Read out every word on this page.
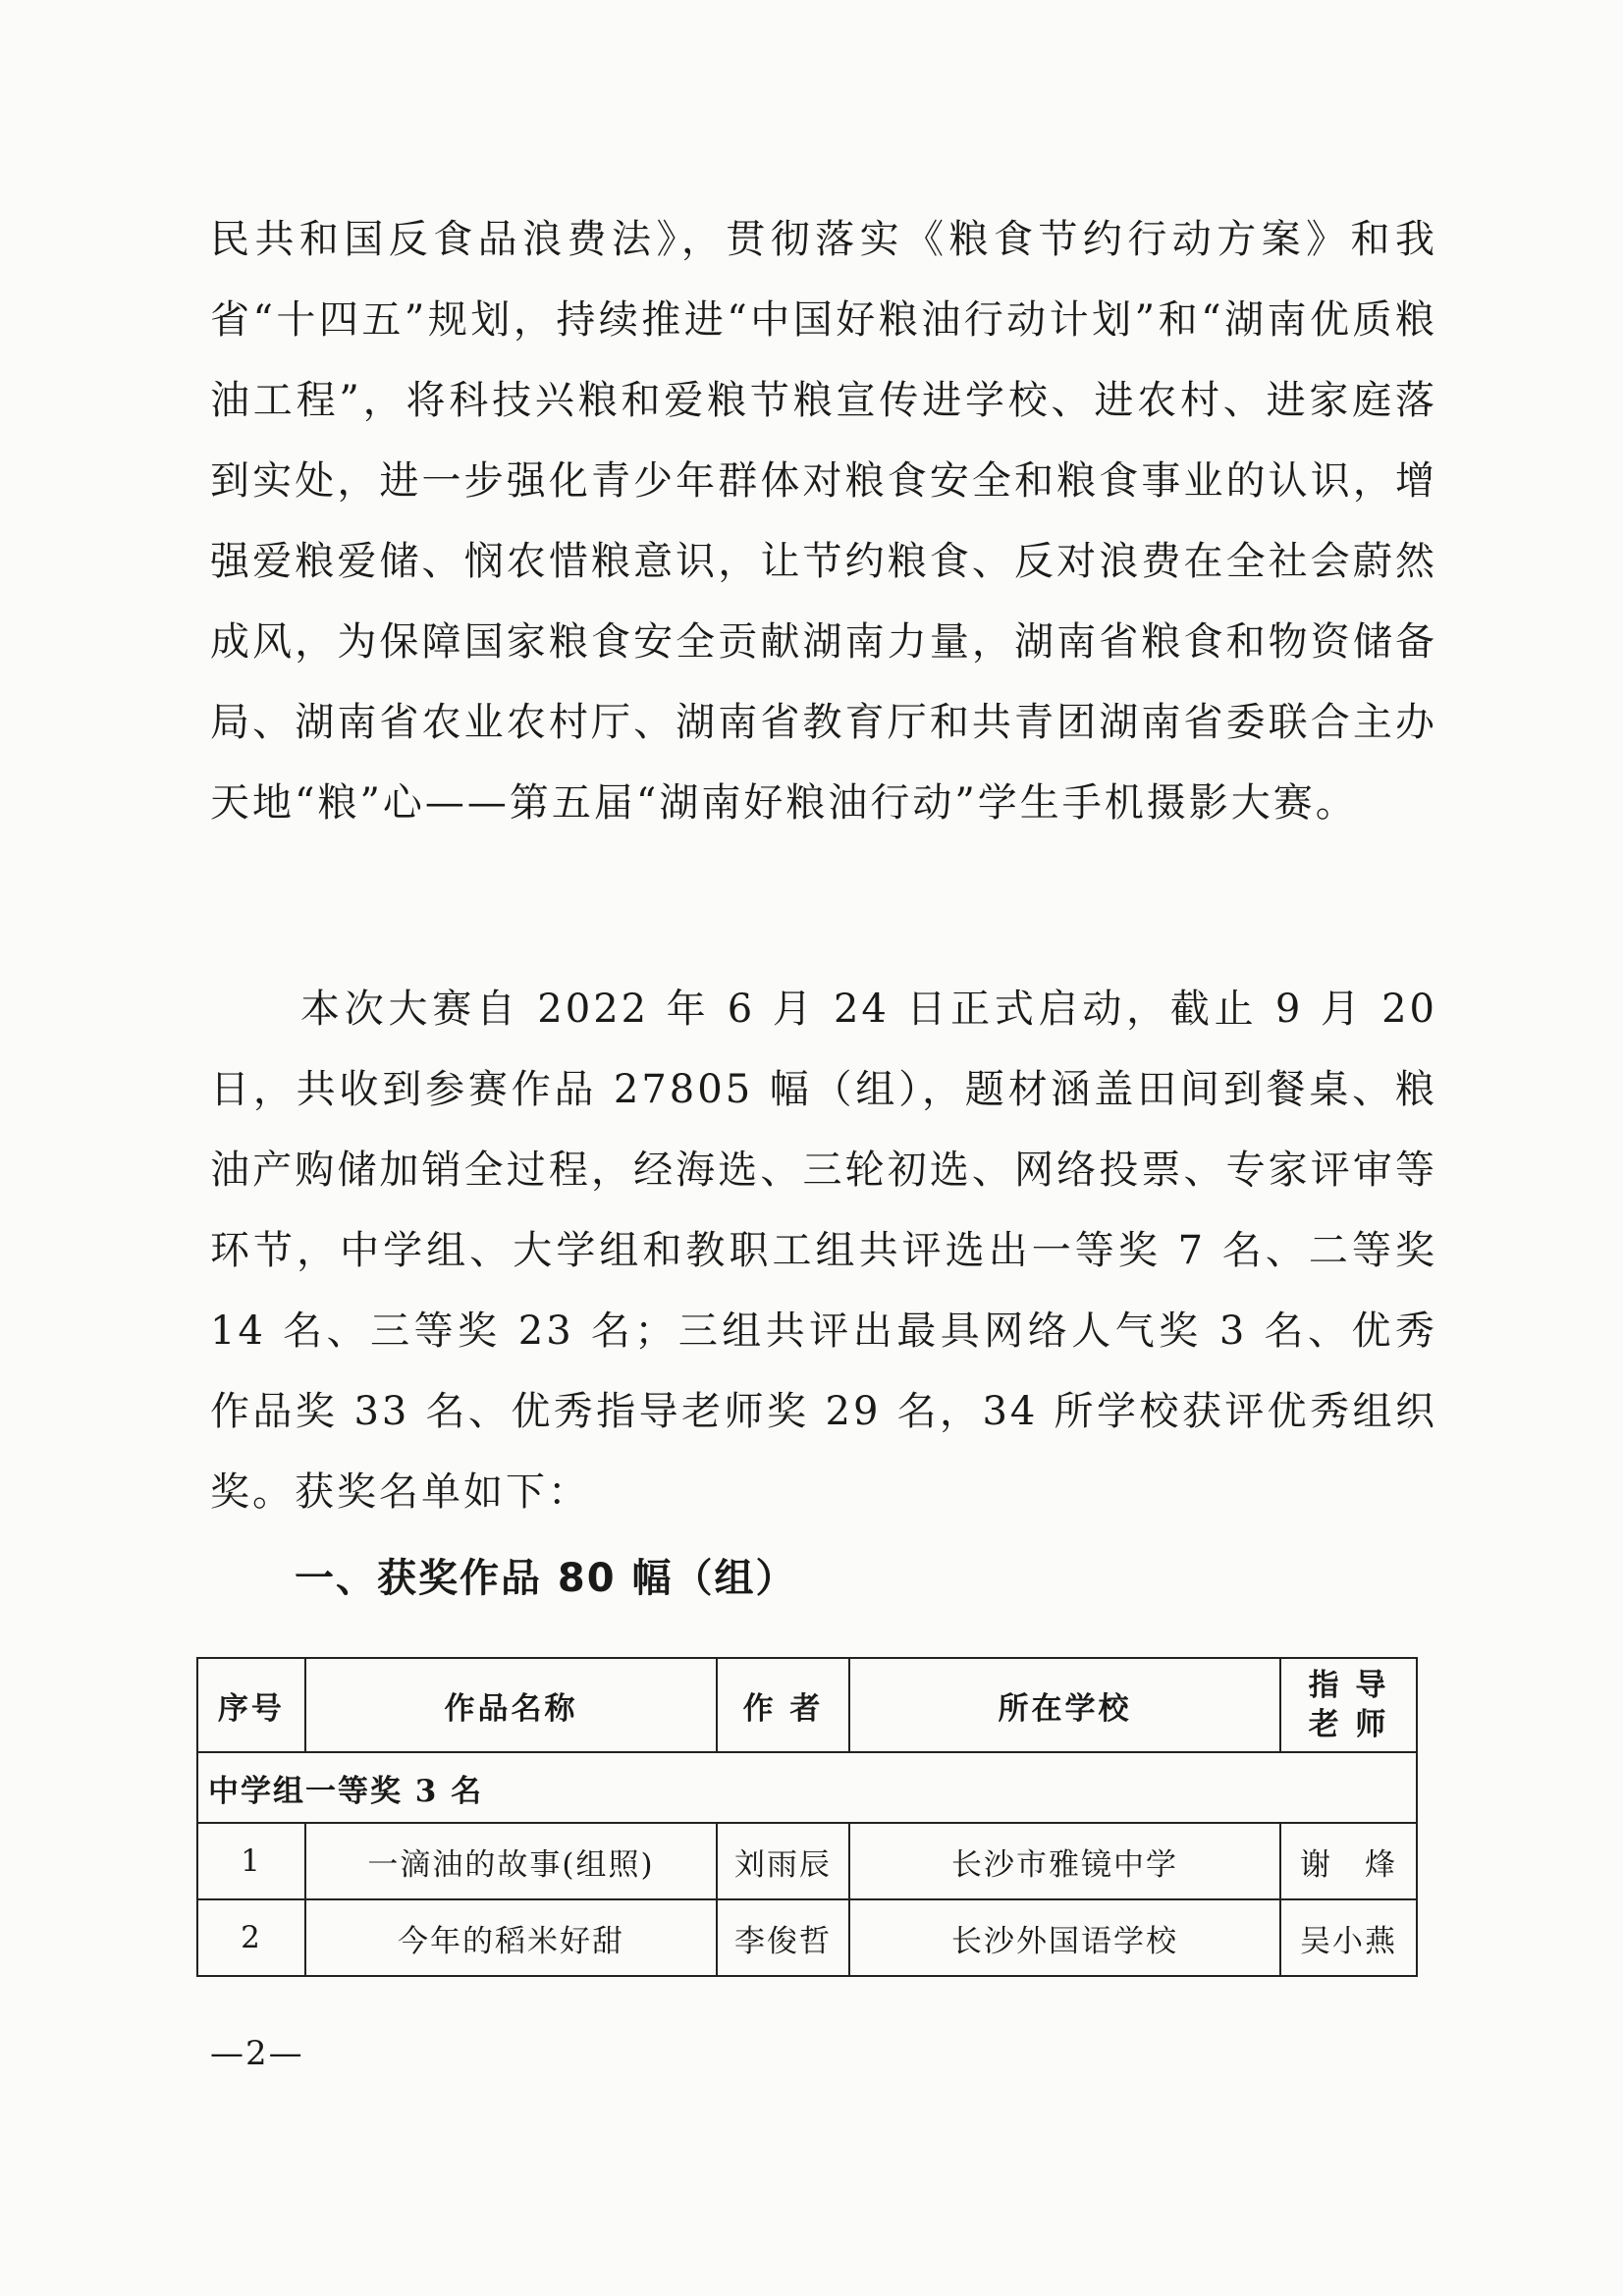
民共和国反食品浪费法》，贯彻落实《粮食节约行动方案》和我省“十四五”规划，持续推进“中国好粮油行动计划”和“湖南优质粮油工程”，将科技兴粮和爱粮节粮宣传进学校、进农村、进家庭落到实处，进一步强化青少年群体对粮食安全和粮食事业的认识，增强爱粮爱储、悯农惜粮意识，让节约粮食、反对浪费在全社会蔚然成风，为保障国家粮食安全贡献湖南力量，湖南省粮食和物资储备局、湖南省农业农村厅、湖南省教育厅和共青团湖南省委联合主办天地“粮”心——第五届“湖南好粮油行动”学生手机摄影大赛。

本次大赛自 2022 年 6 月 24 日正式启动，截止 9 月 20 日，共收到参赛作品 27805 幅（组），题材涵盖田间到餐桌、粮油产购储加销全过程，经海选、三轮初选、网络投票、专家评审等环节，中学组、大学组和教职工组共评选出一等奖 7 名、二等奖 14 名、三等奖 23 名；三组共评出最具网络人气奖 3 名、优秀作品奖 33 名、优秀指导老师奖 29 名，34 所学校获评优秀组织奖。获奖名单如下：

一、获奖作品 80 幅（组）
序号	作品名称	作 者	所在学校	指 导
老 师
中学组一等奖 3 名				
1	一滴油的故事(组照)	刘雨辰	长沙市雅镜中学	谢　烽
2	今年的稻米好甜	李俊哲	长沙外国语学校	吴小燕

—2—
